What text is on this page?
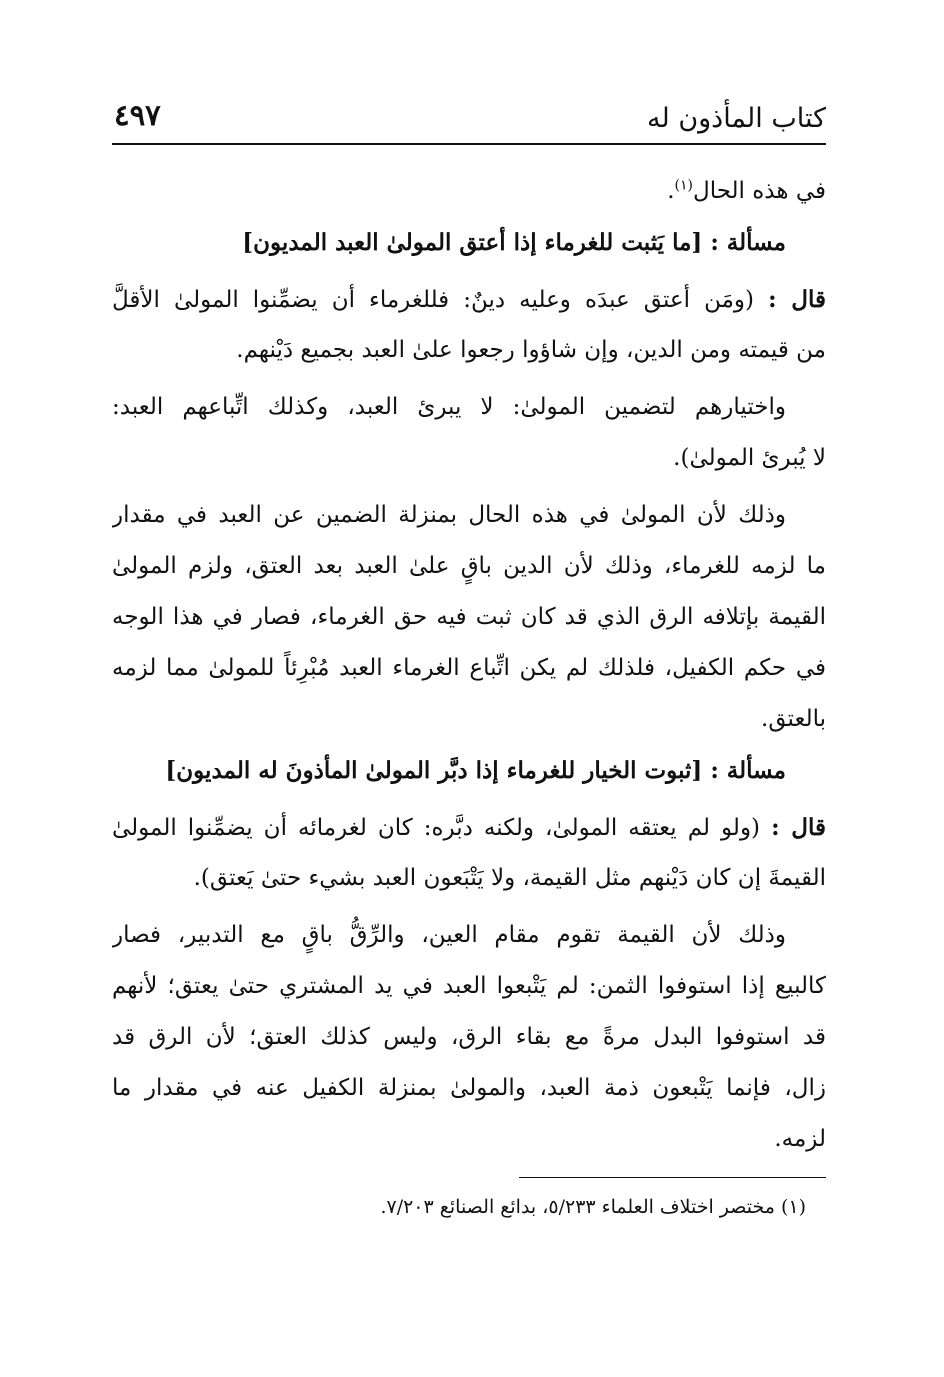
كتاب المأذون له
٤٩٧
في هذه الحال$^{(١)}$.
مسألة : [ما يَثبت للغرماء إذا أعتق المولىٰ العبد المديون]
قال : (ومَن أعتق عبدَه وعليه دينٌ: فللغرماء أن يضمِّنوا المولىٰ الأقلَّ
من قيمته ومن الدين، وإن شاؤوا رجعوا علىٰ العبد بجميع دَيْنهم.
واختيارهم لتضمين المولىٰ: لا يبرئ العبد، وكذلك اتِّباعهم العبد:
لا يُبرئ المولىٰ).
وذلك لأن المولىٰ في هذه الحال بمنزلة الضمين عن العبد في مقدار
ما لزمه للغرماء، وذلك لأن الدين باقٍ علىٰ العبد بعد العتق، ولزم المولىٰ
القيمة بإتلافه الرق الذي قد كان ثبت فيه حق الغرماء، فصار في هذا الوجه
في حكم الكفيل، فلذلك لم يكن اتِّباع الغرماء العبد مُبْرِئاً للمولىٰ مما لزمه
بالعتق.
مسألة : [ثبوت الخيار للغرماء إذا دبَّر المولىٰ المأذونَ له المديون]
قال : (ولو لم يعتقه المولىٰ، ولكنه دبَّره: كان لغرمائه أن يضمِّنوا المولىٰ
القيمةَ إن كان دَيْنهم مثل القيمة، ولا يَتْبَعون العبد بشيء حتىٰ يَعتق).
وذلك لأن القيمة تقوم مقام العين، والرِّقُّ باقٍ مع التدبير، فصار
كالبيع إذا استوفوا الثمن: لم يَتْبعوا العبد في يد المشتري حتىٰ يعتق؛ لأنهم
قد استوفوا البدل مرةً مع بقاء الرق، وليس كذلك العتق؛ لأن الرق قد
زال، فإنما يَتْبعون ذمة العبد، والمولىٰ بمنزلة الكفيل عنه في مقدار ما
لزمه.
(١) مختصر اختلاف العلماء ٥/٢٣٣، بدائع الصنائع ٧/٢٠٣.
